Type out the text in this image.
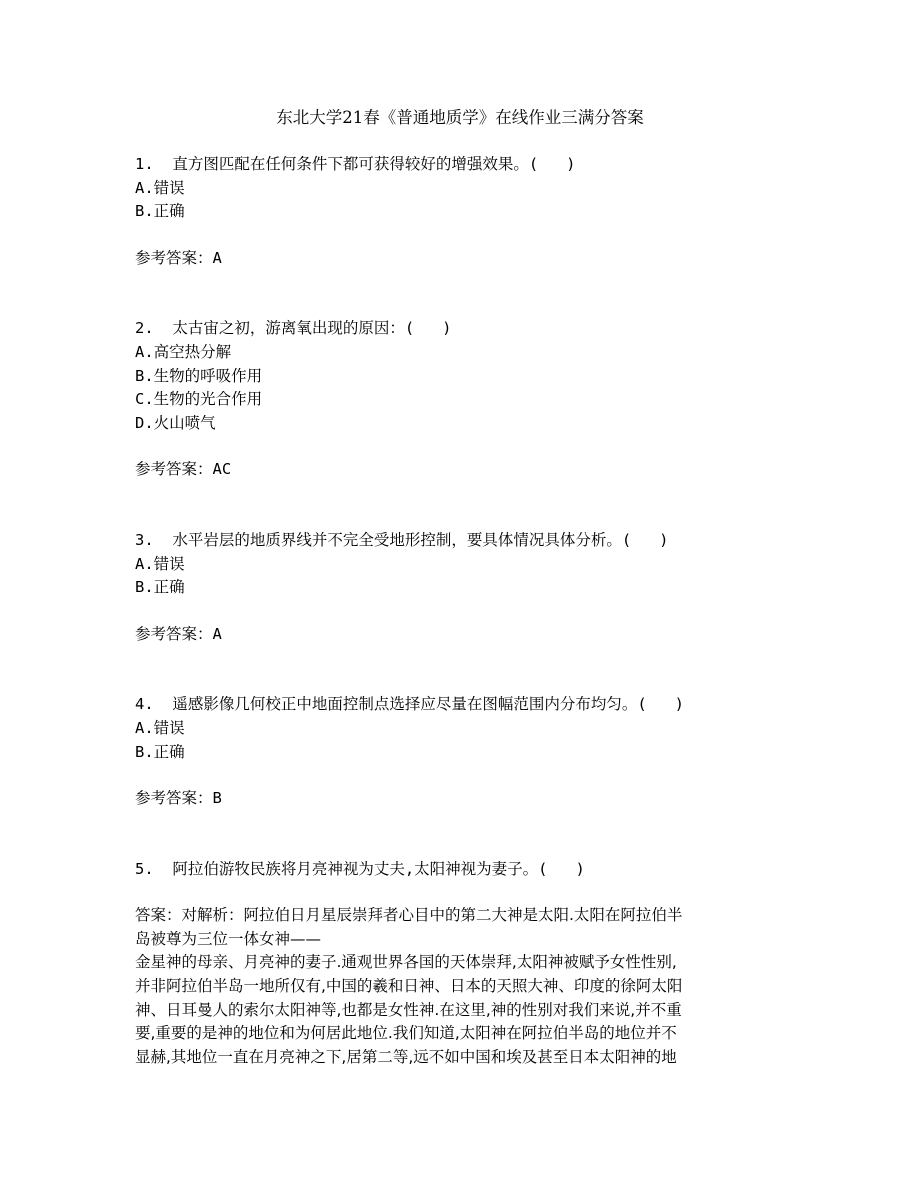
东北大学21春《普通地质学》在线作业三满分答案
1.  直方图匹配在任何条件下都可获得较好的增强效果。(   )
A.错误
B.正确
参考答案：A
2.  太古宙之初，游离氧出现的原因：(   )
A.高空热分解
B.生物的呼吸作用
C.生物的光合作用
D.火山喷气
参考答案：AC
3.  水平岩层的地质界线并不完全受地形控制，要具体情况具体分析。(   )
A.错误
B.正确
参考答案：A
4.  遥感影像几何校正中地面控制点选择应尽量在图幅范围内分布均匀。(   )
A.错误
B.正确
参考答案：B
5.  阿拉伯游牧民族将月亮神视为丈夫,太阳神视为妻子。(   )
答案：对解析：阿拉伯日月星辰崇拜者心目中的第二大神是太阳.太阳在阿拉伯半
岛被尊为三位一体女神——
金星神的母亲、月亮神的妻子.通观世界各国的天体崇拜,太阳神被赋予女性性别,
并非阿拉伯半岛一地所仅有,中国的羲和日神、日本的天照大神、印度的徐阿太阳
神、日耳曼人的索尔太阳神等,也都是女性神.在这里,神的性别对我们来说,并不重
要,重要的是神的地位和为何居此地位.我们知道,太阳神在阿拉伯半岛的地位并不
显赫,其地位一直在月亮神之下,居第二等,远不如中国和埃及甚至日本太阳神的地
